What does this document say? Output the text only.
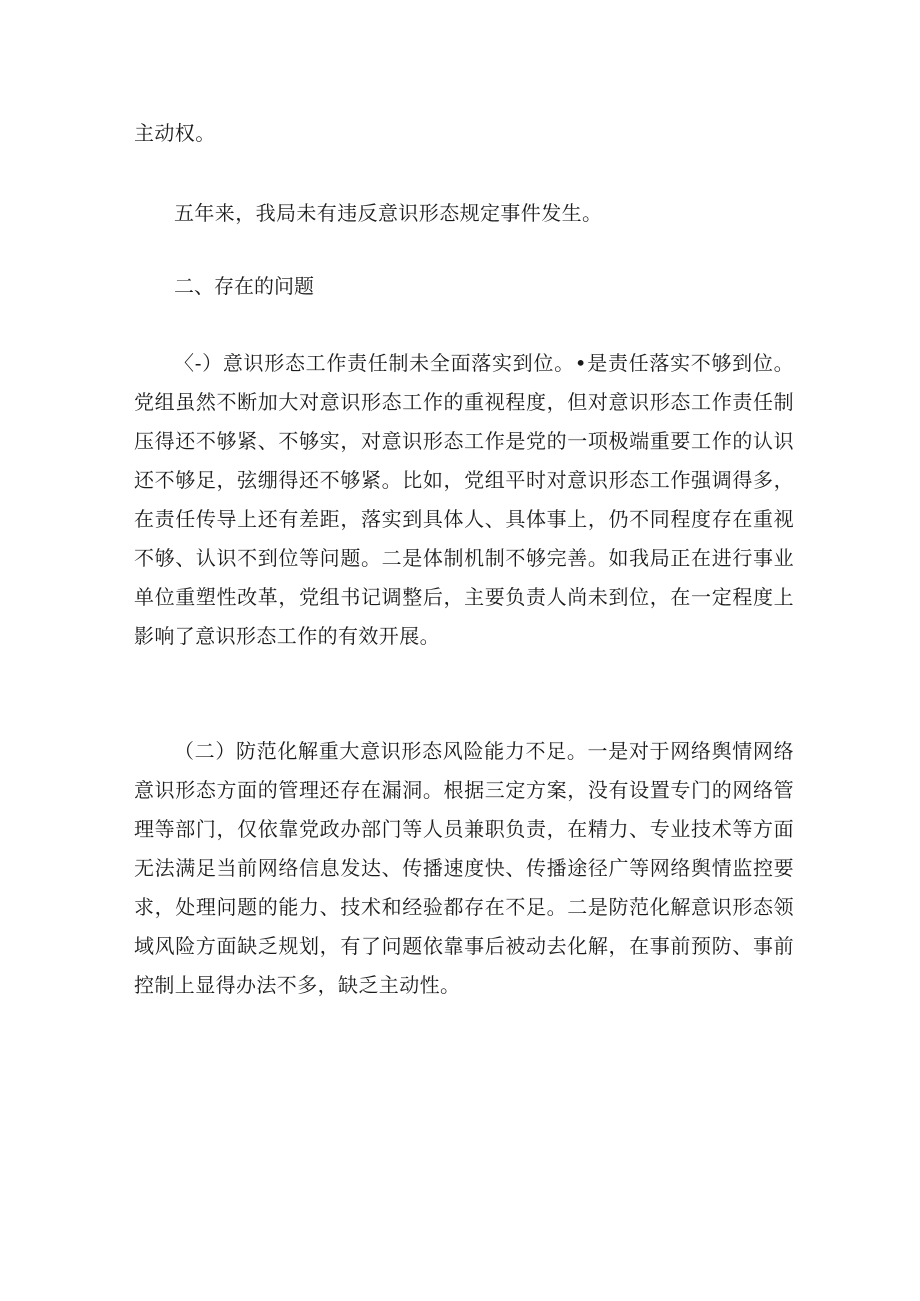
主动权。

五年来，我局未有违反意识形态规定事件发生。

二、存在的问题

〈-）意识形态工作责任制未全面落实到位。•是责任落实不够到位。党组虽然不断加大对意识形态工作的重视程度，但对意识形态工作责任制压得还不够紧、不够实，对意识形态工作是党的一项极端重要工作的认识还不够足，弦绷得还不够紧。比如，党组平时对意识形态工作强调得多，在责任传导上还有差距，落实到具体人、具体事上，仍不同程度存在重视不够、认识不到位等问题。二是体制机制不够完善。如我局正在进行事业单位重塑性改革，党组书记调整后，主要负责人尚未到位，在一定程度上影响了意识形态工作的有效开展。

（二）防范化解重大意识形态风险能力不足。一是对于网络舆情网络意识形态方面的管理还存在漏洞。根据三定方案，没有设置专门的网络管理等部门，仅依靠党政办部门等人员兼职负责，在精力、专业技术等方面无法满足当前网络信息发达、传播速度快、传播途径广等网络舆情监控要求，处理问题的能力、技术和经验都存在不足。二是防范化解意识形态领域风险方面缺乏规划，有了问题依靠事后被动去化解，在事前预防、事前控制上显得办法不多，缺乏主动性。
